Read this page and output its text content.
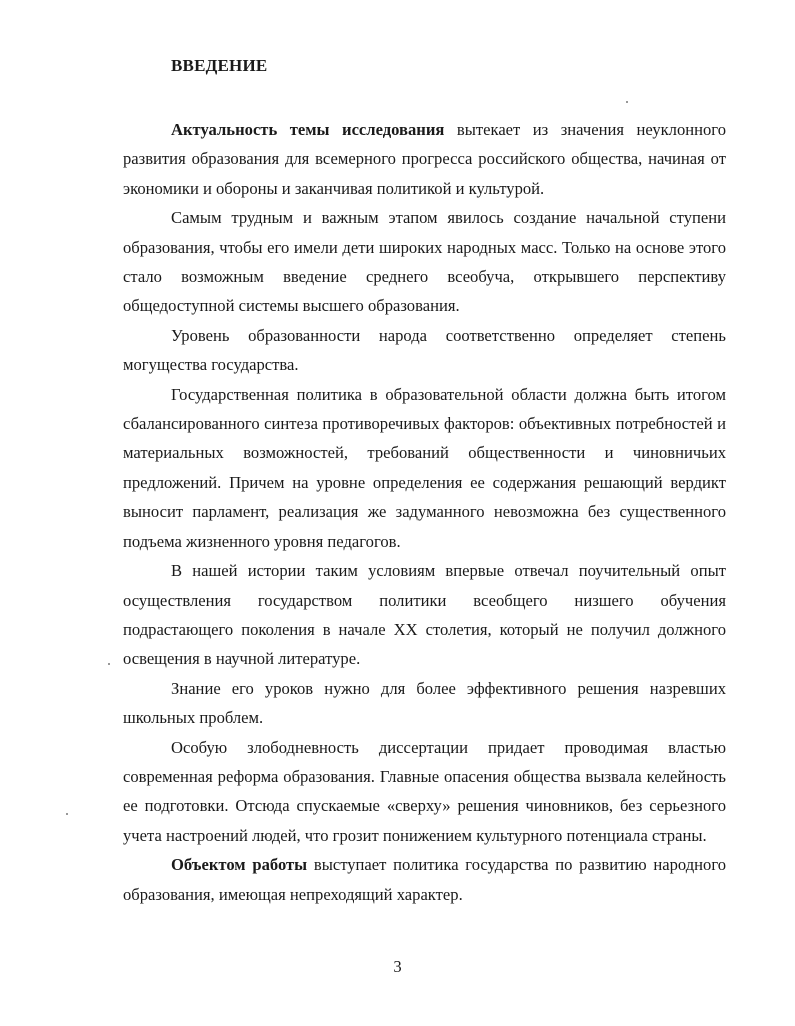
ВВЕДЕНИЕ

Актуальность темы исследования вытекает из значения неуклонного развития образования для всемерного прогресса российского общества, начиная от экономики и обороны и заканчивая политикой и культурой.

Самым трудным и важным этапом явилось создание начальной ступени образования, чтобы его имели дети широких народных масс. Только на основе этого стало возможным введение среднего всеобуча, открывшего перспективу общедоступной системы высшего образования.

Уровень образованности народа соответственно определяет степень могущества государства.

Государственная политика в образовательной области должна быть итогом сбалансированного синтеза противоречивых факторов: объективных потребностей и материальных возможностей, требований общественности и чиновничьих предложений. Причем на уровне определения ее содержания решающий вердикт выносит парламент, реализация же задуманного невозможна без существенного подъема жизненного уровня педагогов.

В нашей истории таким условиям впервые отвечал поучительный опыт осуществления государством политики всеобщего низшего обучения подрастающего поколения в начале XX столетия, который не получил должного освещения в научной литературе.

Знание его уроков нужно для более эффективного решения назревших школьных проблем.

Особую злободневность диссертации придает проводимая властью современная реформа образования. Главные опасения общества вызвала келейность ее подготовки. Отсюда спускаемые «сверху» решения чиновников, без серьезного учета настроений людей, что грозит понижением культурного потенциала страны.

Объектом работы выступает политика государства по развитию народного образования, имеющая непреходящий характер.

3
